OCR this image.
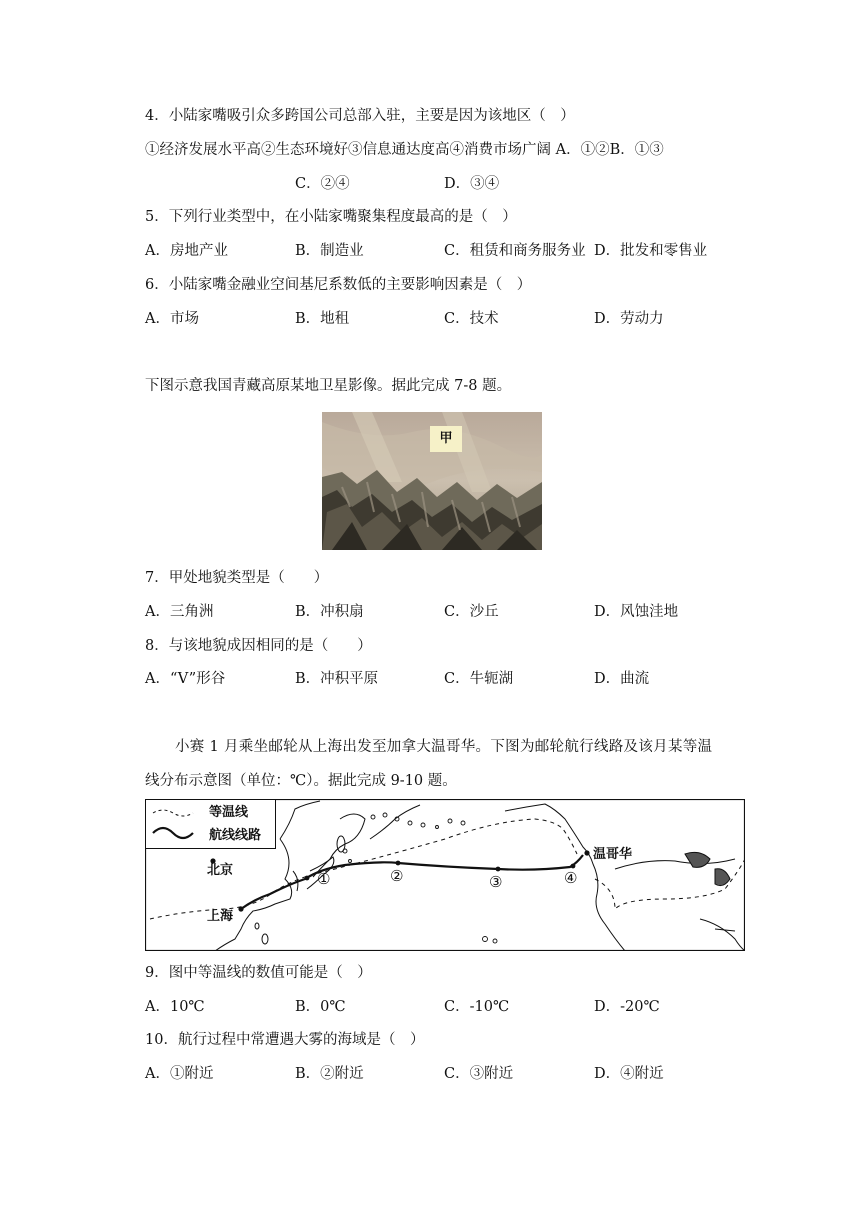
4．小陆家嘴吸引众多跨国公司总部入驻，主要是因为该地区（　）
①经济发展水平高②生态环境好③信息通达度高④消费市场广阔 A．①②B．①③
C．②④	D．③④
5．下列行业类型中，在小陆家嘴聚集程度最高的是（　）
A．房地产业	B．制造业	C．租赁和商务服务业 D．批发和零售业
6．小陆家嘴金融业空间基尼系数低的主要影响因素是（　）
A．市场	B．地租	C．技术	D．劳动力
下图示意我国青藏高原某地卫星影像。据此完成 7-8 题。
甲
7．甲处地貌类型是（　　）
A．三角洲	B．冲积扇	C．沙丘	D．风蚀洼地
8．与该地貌成因相同的是（　　）
A．“V”形谷	B．冲积平原	C．牛轭湖	D．曲流
小赛 1 月乘坐邮轮从上海出发至加拿大温哥华。下图为邮轮航行线路及该月某等温
线分布示意图（单位：℃）。据此完成 9-10 题。
等温线
航线线路
北京
上海
温哥华
①	②	③	④
9．图中等温线的数值可能是（　）
A．10℃	B．0℃	C．-10℃	D．-20℃
10．航行过程中常遭遇大雾的海域是（　）
A．①附近	B．②附近	C．③附近	D．④附近
